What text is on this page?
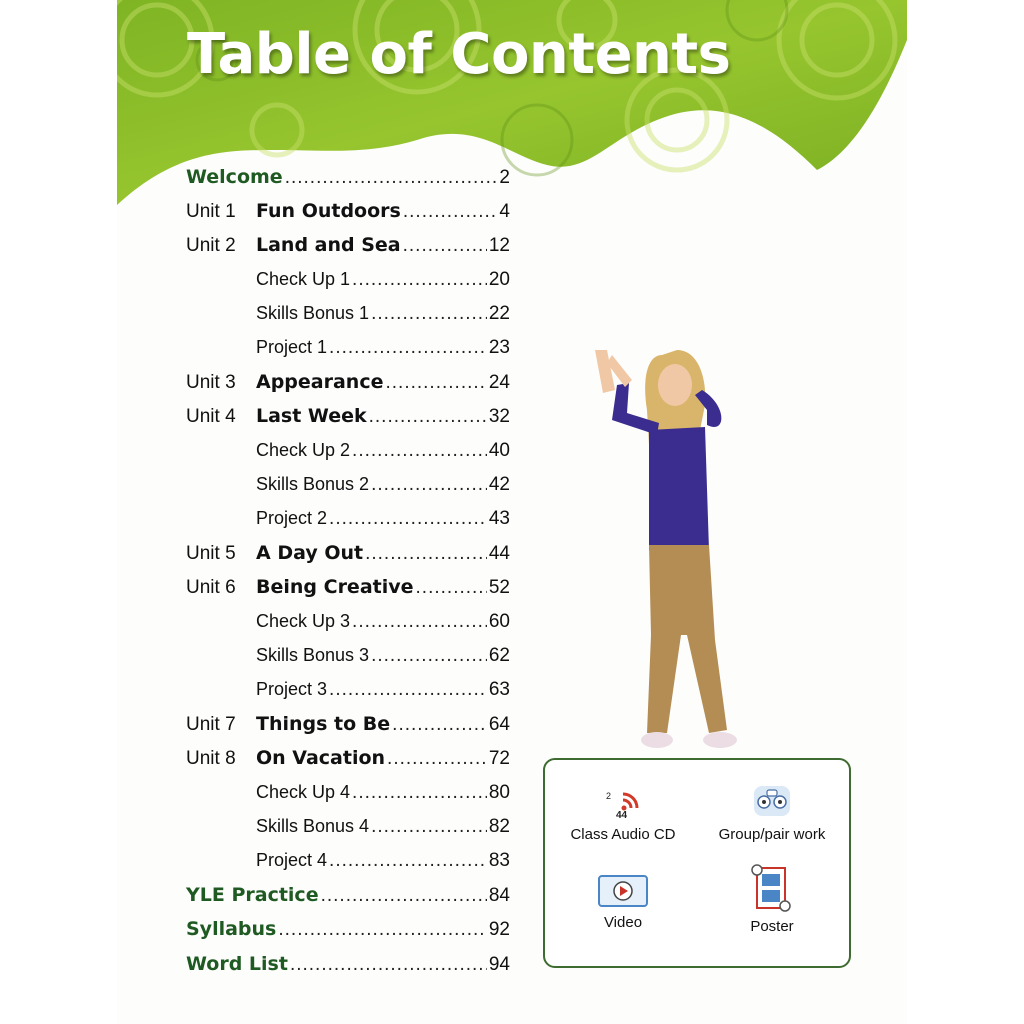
Table of Contents
Welcome .....	2
Unit 1	Fun Outdoors .....	4
Unit 2	Land and Sea .....	12
Check Up 1 .....	20
Skills Bonus 1 .....	22
Project 1 .....	23
Unit 3	Appearance .....	24
Unit 4	Last Week .....	32
Check Up 2 .....	40
Skills Bonus 2 .....	42
Project 2 .....	43
Unit 5	A Day Out .....	44
Unit 6	Being Creative .....	52
Check Up 3 .....	60
Skills Bonus 3 .....	62
Project 3 .....	63
Unit 7	Things to Be .....	64
Unit 8	On Vacation .....	72
Check Up 4 .....	80
Skills Bonus 4 .....	82
Project 4 .....	83
YLE Practice .....	84
Syllabus .....	92
Word List .....	94
2
44
Class Audio CD	Group/pair work
Video	Poster
